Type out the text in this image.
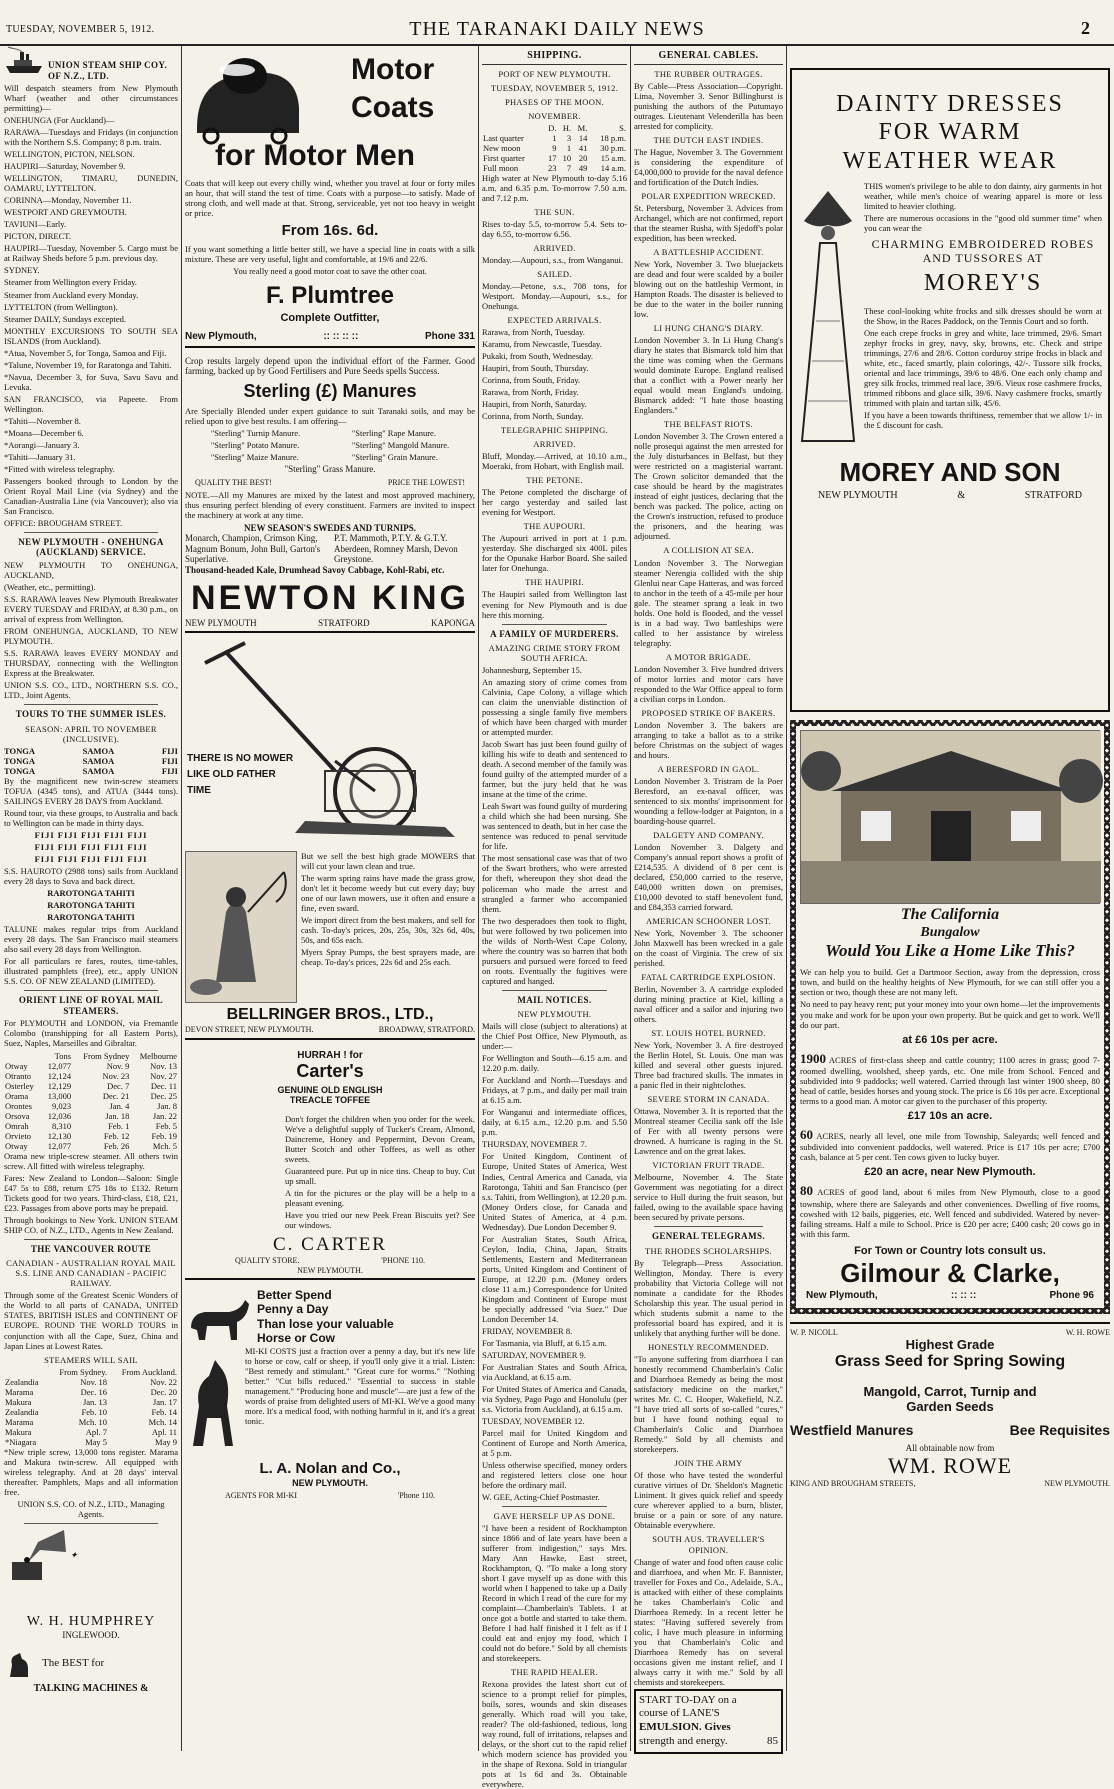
TUESDAY, NOVEMBER 5, 1912.	THE TARANAKI DAILY NEWS	2
UNION STEAM SHIP COY. OF N.Z., LTD.

Will despatch steamers from New Plymouth Wharf (weather and other circumstances permitting)—

ONEHUNGA (For Auckland)—

RARAWA—Tuesdays and Fridays (in conjunction with the Northern S.S. Company; 8 p.m. train.

WELLINGTON, PICTON, NELSON.

HAUPIRI—Saturday, November 9.

WELLINGTON, TIMARU, DUNEDIN, OAMARU, LYTTELTON.

CORINNA—Monday, November 11.

WESTPORT AND GREYMOUTH.

TAVIUNI—Early.

PICTON, DIRECT.

HAUPIRI—Tuesday, November 5. Cargo must be at Railway Sheds before 5 p.m. previous day.

SYDNEY.

Steamer from Wellington every Friday.

Steamer from Auckland every Monday.

LYTTELTON (from Wellington).

Steamer DAILY, Sundays excepted.

MONTHLY EXCURSIONS TO SOUTH SEA ISLANDS (from Auckland).

*Atua, November 5, for Tonga, Samoa and Fiji.

*Talune, November 19, for Raratonga and Tahiti.

*Navua, December 3, for Suva, Savu Savu and Levuka.

SAN FRANCISCO, via Papeete. From Wellington.

*Tahiti—November 8.

*Moana—December 6.

*Aorangi—January 3.

*Tahiti—January 31.

*Fitted with wireless telegraphy.

Passengers booked through to London by the Orient Royal Mail Line (via Sydney) and the Canadian-Australia Line (via Vancouver); also via San Francisco.

OFFICE: BROUGHAM STREET.

NEW PLYMOUTH - ONEHUNGA (AUCKLAND) SERVICE.

NEW PLYMOUTH TO ONEHUNGA, AUCKLAND,

(Weather, etc., permitting).

S.S. RARAWA leaves New Plymouth Breakwater EVERY TUESDAY and FRIDAY, at 8.30 p.m., on arrival of express from Wellington.

FROM ONEHUNGA, AUCKLAND, TO NEW PLYMOUTH.

S.S. RARAWA leaves EVERY MONDAY and THURSDAY, connecting with the Wellington Express at the Breakwater.

UNION S.S. CO., LTD., NORTHERN S.S. CO., LTD., Joint Agents.

TOURS TO THE SUMMER ISLES.
SEASON: APRIL TO NOVEMBER (INCLUSIVE).
TONGA	SAMOA	FIJI
TONGA	SAMOA	FIJI
TONGA	SAMOA	FIJI

By the magnificent new twin-screw steamers TOFUA (4345 tons), and ATUA (3444 tons). SAILINGS EVERY 28 DAYS from Auckland.

Round tour, via these groups, to Australia and back to Wellington can be made in thirty days.

FIJI FIJI FIJI FIJI FIJI

FIJI FIJI FIJI FIJI FIJI

FIJI FIJI FIJI FIJI FIJI

S.S. HAUROTO (2988 tons) sails from Auckland every 28 days to Suva and back direct.

RAROTONGA TAHITI

RAROTONGA TAHITI

RAROTONGA TAHITI

TALUNE makes regular trips from Auckland every 28 days. The San Francisco mail steamers also sail every 28 days from Wellington.

For all particulars re fares, routes, time-tables, illustrated pamphlets (free), etc., apply UNION S.S. CO. OF NEW ZEALAND (LIMITED).

ORIENT LINE OF ROYAL MAIL STEAMERS.

For PLYMOUTH and LONDON, via Fremantle Colombo (transhipping for all Eastern Ports), Suez, Naples, Marseilles and Gibraltar.

	Tons	From Sydney	Melbourne
Otway	12,077	Nov. 9	Nov. 13
Otranto	12,124	Nov. 23	Nov. 27
Osterley	12,129	Dec. 7	Dec. 11
Orama	13,000	Dec. 21	Dec. 25
Orontes	9,023	Jan. 4	Jan. 8
Orsova	12,036	Jan. 18	Jan. 22
Omrah	8,310	Feb. 1	Feb. 5
Orvieto	12,130	Feb. 12	Feb. 19
Otway	12,077	Feb. 26	Mch. 5

Orama new triple-screw steamer. All others twin screw. All fitted with wireless telegraphy.

Fares: New Zealand to London—Saloon: Single £47 5s to £88, return £75 18s to £132. Return Tickets good for two years. Third-class, £18, £21, £23. Passages from above ports may be prepaid.

Through bookings to New York. UNION STEAM SHIP CO. of N.Z., LTD., Agents in New Zealand.

THE VANCOUVER ROUTE
CANADIAN - AUSTRALIAN ROYAL MAIL S.S. LINE AND CANADIAN - PACIFIC RAILWAY.

Through some of the Greatest Scenic Wonders of the World to all parts of CANADA, UNITED STATES, BRITISH ISLES and CONTINENT OF EUROPE. ROUND THE WORLD TOURS in conjunction with all the Cape, Suez, China and Japan Lines at Lowest Rates.

STEAMERS WILL SAIL
	From Sydney.	From Auckland.
Zealandia	Nov. 18	Nov. 22
Marama	Dec. 16	Dec. 20
Makura	Jan. 13	Jan. 17
Zealandia	Feb. 10	Feb. 14
Marama	Mch. 10	Mch. 14
Makura	Apl. 7	Apl. 11
*Niagara	May 5	May 9

*New triple screw, 13,000 tons register. Marama and Makura twin-screw. All equipped with wireless telegraphy. And at 28 days' interval thereafter. Pamphlets, Maps and all information free.

UNION S.S. CO. of N.Z., LTD., Managing Agents.

✦
W. H. HUMPHREY
INGLEWOOD.
The BEST for
TALKING MACHINES &
Motor
Coats
for Motor Men

Coats that will keep out every chilly wind, whether you travel at four or forty miles an hour, that will stand the test of time. Coats with a purpose—to satisfy. Made of strong cloth, and well made at that. Strong, serviceable, yet not too heavy in weight or price.

From 16s. 6d.

If you want something a little better still, we have a special line in coats with a silk mixture. These are very useful, light and comfortable, at 19/6 and 22/6.

You really need a good motor coat to save the other coat.

F. Plumtree
Complete Outfitter,
New Plymouth,	:: :: :: ::	Phone 331

Crop results largely depend upon the individual effort of the Farmer. Good farming, backed up by Good Fertilisers and Pure Seeds spells Success.

Sterling (£) Manures

Are Specially Blended under expert guidance to suit Taranaki soils, and may be relied upon to give best results. I am offering—

"Sterling" Turnip Manure.

"Sterling" Potato Manure.

"Sterling" Maize Manure.

"Sterling" Rape Manure.

"Sterling" Mangold Manure.

"Sterling" Grain Manure.

"Sterling" Grass Manure.
QUALITY THE BEST!	PRICE THE LOWEST!

NOTE.—All my Manures are mixed by the latest and most approved machinery, thus ensuring perfect blending of every constituent. Farmers are invited to inspect the machinery at work at any time.

NEW SEASON'S SWEDES AND TURNIPS.
Monarch, Champion, Crimson King, Magnum Bonum, John Bull, Garton's Superlative.
P.T. Mammoth, P.T.Y. & G.T.Y. Aberdeen, Romney Marsh, Devon Greystone.
Thousand-headed Kale, Drumhead Savoy Cabbage, Kohl-Rabi, etc.
NEWTON KING
NEW PLYMOUTH	STRATFORD	KAPONGA
THERE IS NO MOWER LIKE OLD FATHER TIME

But we sell the best high grade MOWERS that will cut your lawn clean and true.

The warm spring rains have made the grass grow, don't let it become weedy but cut every day; buy one of our lawn mowers, use it often and ensure a fine, even sward.

We import direct from the best makers, and sell for cash. To-day's prices, 20s, 25s, 30s, 32s 6d, 40s, 50s, and 65s each.

Myers Spray Pumps, the best sprayers made, are cheap. To-day's prices, 22s 6d and 25s each.

BELLRINGER BROS., LTD.,
DEVON STREET, NEW PLYMOUTH.	BROADWAY, STRATFORD.
HURRAH ! for
Carter's
GENUINE OLD ENGLISH TREACLE TOFFEE

Don't forget the children when you order for the week. We've a delightful supply of Tucker's Cream, Almond, Daincreme, Honey and Peppermint, Devon Cream, Butter Scotch and other Toffees, as well as other sweets.

Guaranteed pure. Put up in nice tins. Cheap to buy. Cut up small.

A tin for the pictures or the play will be a help to a pleasant evening.

Have you tried our new Peek Frean Biscuits yet? See our windows.

C. CARTER
QUALITY STORE.	'PHONE 110.
NEW PLYMOUTH.
Better Spend
Penny a Day
Than lose your valuable
Horse or Cow

MI-KI COSTS just a fraction over a penny a day, but it's new life to horse or cow, calf or sheep, if you'll only give it a trial. Listen: "Best remedy and stimulant." "Great cure for worms." "Nothing better." "Cut bills reduced." "Essential to success in stable management." "Producing bone and muscle"—are just a few of the words of praise from delighted users of MI-KI. We've a good many more. It's a medical food, with nothing harmful in it, and it's a great tonic.

L. A. Nolan and Co.,
NEW PLYMOUTH.
AGENTS FOR MI-KI	'Phone 110.
SHIPPING.
PORT OF NEW PLYMOUTH.
TUESDAY, NOVEMBER 5, 1912.
PHASES OF THE MOON.
NOVEMBER.
	D.	H.	M.	S.
Last quarter	1	3	14	18 p.m.
New moon	9	1	41	30 p.m.
First quarter	17	10	20	15 a.m.
Full moon	23	7	49	14 a.m.

High water at New Plymouth to-day 5.16 a.m. and 6.35 p.m. To-morrow 7.50 a.m. and 7.12 p.m.

THE SUN.

Rises to-day 5.5, to-morrow 5.4. Sets to-day 6.55, to-morrow 6.56.

ARRIVED.

Monday.—Aupouri, s.s., from Wanganui.

SAILED.

Monday.—Petone, s.s., 708 tons, for Westport. Monday.—Aupouri, s.s., for Onehunga.

EXPECTED ARRIVALS.

Rarawa, from North, Tuesday.

Karamu, from Newcastle, Tuesday.

Pukaki, from South, Wednesday.

Haupiri, from South, Thursday.

Corinna, from South, Friday.

Rarawa, from North, Friday.

Haupiri, from North, Saturday.

Corinna, from North, Sunday.

TELEGRAPHIC SHIPPING.
ARRIVED.

Bluff, Monday.—Arrived, at 10.10 a.m., Moeraki, from Hobart, with English mail.

THE PETONE.

The Petone completed the discharge of her cargo yesterday and sailed last evening for Westport.

THE AUPOURI.

The Aupouri arrived in port at 1 p.m. yesterday. She discharged six 400L piles for the Opunake Harbor Board. She sailed later for Onehunga.

THE HAUPIRI.

The Haupiri sailed from Wellington last evening for New Plymouth and is due here this morning.

A FAMILY OF MURDERERS.
AMAZING CRIME STORY FROM SOUTH AFRICA.

Johannesburg, September 15.

An amazing story of crime comes from Calvinia, Cape Colony, a village which can claim the unenviable distinction of possessing a single family five members of which have been charged with murder or attempted murder.

Jacob Swart has just been found guilty of killing his wife to death and sentenced to death. A second member of the family was found guilty of the attempted murder of a farmer, but the jury held that he was insane at the time of the crime.

Leah Swart was found guilty of murdering a child which she had been nursing. She was sentenced to death, but in her case the sentence was reduced to penal servitude for life.

The most sensational case was that of two of the Swart brothers, who were arrested for theft, whereupon they shot dead the policeman who made the arrest and strangled a farmer who accompanied them.

The two desperadoes then took to flight, but were followed by two policemen into the wilds of North-West Cape Colony, where the country was so barren that both pursuers and pursued were forced to feed on roots. Eventually the fugitives were captured and hanged.

MAIL NOTICES.
NEW PLYMOUTH.

Mails will close (subject to alterations) at the Chief Post Office, New Plymouth, as under:—

For Wellington and South—6.15 a.m. and 12.20 p.m. daily.

For Auckland and North—Tuesdays and Fridays, at 7 p.m., and daily per mail train at 6.15 a.m.

For Wanganui and intermediate offices, daily, at 6.15 a.m., 12.20 p.m. and 5.50 p.m.

THURSDAY, NOVEMBER 7.

For United Kingdom, Continent of Europe, United States of America, West Indies, Central America and Canada, via Rarotonga, Tahiti and San Francisco (per s.s. Tahiti, from Wellington), at 12.20 p.m. (Money Orders close, for Canada and United States of America, at 4 p.m. Wednesday). Due London December 9.

For Australian States, South Africa, Ceylon, India, China, Japan, Straits Settlements, Eastern and Mediterranean ports, United Kingdom and Continent of Europe, at 12.20 p.m. (Money orders close 11 a.m.) Correspondence for United Kingdom and Continent of Europe must be specially addressed "via Suez." Due London December 14.

FRIDAY, NOVEMBER 8.

For Tasmania, via Bluff, at 6.15 a.m.

SATURDAY, NOVEMBER 9.

For Australian States and South Africa, via Auckland, at 6.15 a.m.

For United States of America and Canada, via Sydney, Pago Pago and Honolulu (per s.s. Victoria from Auckland), at 6.15 a.m.

TUESDAY, NOVEMBER 12.

Parcel mail for United Kingdom and Continent of Europe and North America, at 5 p.m.

Unless otherwise specified, money orders and registered letters close one hour before the ordinary mail.

W. GEE, Acting-Chief Postmaster.

GAVE HERSELF UP AS DONE.

"I have been a resident of Rockhampton since 1866 and of late years have been a sufferer from indigestion," says Mrs. Mary Ann Hawke, East street, Rockhampton, Q. "To make a long story short I gave myself up as done with this world when I happened to take up a Daily Record in which I read of the cure for my complaint—Chamberlain's Tablets. I at once got a bottle and started to take them. Before I had half finished it I felt as if I could eat and enjoy my food, which I could not do before." Sold by all chemists and storekeepers.

THE RAPID HEALER.

Rexona provides the latest short cut of science to a prompt relief for pimples, boils, sores, wounds and skin diseases generally. Which road will you take, reader? The old-fashioned, tedious, long way round, full of irritations, relapses and delays, or the short cut to the rapid relief which modern science has provided you in the shape of Rexona. Sold in triangular pots at 1s 6d and 3s. Obtainable everywhere.

GENERAL CABLES.
THE RUBBER OUTRAGES.

By Cable—Press Association—Copyright. Lima, November 3. Senor Billinghurst is punishing the authors of the Putumayo outrages. Lieutenant Velenderilla has been arrested for complicity.

THE DUTCH EAST INDIES.

The Hague, November 3. The Government is considering the expenditure of £4,000,000 to provide for the naval defence and fortification of the Dutch Indies.

POLAR EXPEDITION WRECKED.

St. Petersburg, November 3. Advices from Archangel, which are not confirmed, report that the steamer Rusha, with Sjedoff's polar expedition, has been wrecked.

A BATTLESHIP ACCIDENT.

New York, November 3. Two bluejackets are dead and four were scalded by a boiler blowing out on the battleship Vermont, in Hampton Roads. The disaster is believed to be due to the water in the boiler running low.

LI HUNG CHANG'S DIARY.

London November 3. In Li Hung Chang's diary he states that Bismarck told him that the time was coming when the Germans would dominate Europe. England realised that a conflict with a Power nearly her equal would mean England's undoing. Bismarck added: "I hate those boasting Englanders."

THE BELFAST RIOTS.

London November 3. The Crown entered a nolle prosequi against the men arrested for the July disturbances in Belfast, but they were restricted on a magisterial warrant. The Crown solicitor demanded that the case should be heard by the magistrates instead of eight justices, declaring that the bench was packed. The police, acting on the Crown's instruction, refused to produce the prisoners, and the hearing was adjourned.

A COLLISION AT SEA.

London November 3. The Norwegian steamer Nerengia collided with the ship Glenlui near Cape Hatteras, and was forced to anchor in the teeth of a 45-mile per hour gale. The steamer sprang a leak in two holds. One hold is flooded, and the vessel is in a bad way. Two battleships were called to her assistance by wireless telegraphy.

A MOTOR BRIGADE.

London November 3. Five hundred drivers of motor lorries and motor cars have responded to the War Office appeal to form a civilian corps in London.

PROPOSED STRIKE OF BAKERS.

London November 3. The bakers are arranging to take a ballot as to a strike before Christmas on the subject of wages and hours.

A BERESFORD IN GAOL.

London November 3. Tristram de la Poer Beresford, an ex-naval officer, was sentenced to six months' imprisonment for wounding a fellow-lodger at Paignton, in a boarding-house quarrel.

DALGETY AND COMPANY.

London November 3. Dalgety and Company's annual report shows a profit of £214,535. A dividend of 8 per cent is declared, £50,000 carried to the reserve, £40,000 written down on premises, £10,000 devoted to staff benevolent fund, and £84,353 carried forward.

AMERICAN SCHOONER LOST.

New York, November 3. The schooner John Maxwell has been wrecked in a gale on the coast of Virginia. The crew of six perished.

FATAL CARTRIDGE EXPLOSION.

Berlin, November 3. A cartridge exploded during mining practice at Kiel, killing a naval officer and a sailor and injuring two others.

ST. LOUIS HOTEL BURNED.

New York, November 3. A fire destroyed the Berlin Hotel, St. Louis. One man was killed and several other guests injured. Three bad fractured skulls. The inmates in a panic fled in their nightclothes.

SEVERE STORM IN CANADA.

Ottawa, November 3. It is reported that the Montreal steamer Cecilia sank off the Isle of Fer with all twenty persons were drowned. A hurricane is raging in the St. Lawrence and on the great lakes.

VICTORIAN FRUIT TRADE.

Melbourne, November 4. The State Government was negotiating for a direct service to Hull during the fruit season, but failed, owing to the available space having been secured by private persons.

GENERAL TELEGRAMS.
THE RHODES SCHOLARSHIPS.

By Telegraph—Press Association. Wellington, Monday. There is every probability that Victoria College will not nominate a candidate for the Rhodes Scholarship this year. The usual period in which students submit a name to the professorial board has expired, and it is unlikely that anything further will be done.

HONESTLY RECOMMENDED.

"To anyone suffering from diarrhoea I can honestly recommend Chamberlain's Colic and Diarrhoea Remedy as being the most satisfactory medicine on the market," writes Mr. C. C. Hooper, Wakefield, N.Z. "I have tried all sorts of so-called "cures," but I have found nothing equal to Chamberlain's Colic and Diarrhoea Remedy." Sold by all chemists and storekeepers.

JOIN THE ARMY

Of those who have tested the wonderful curative virtues of Dr. Sheldon's Magnetic Liniment. It gives quick relief and speedy cure wherever applied to a burn, blister, bruise or a pain or sore of any nature. Obtainable everywhere.

SOUTH AUS. TRAVELLER'S OPINION.

Change of water and food often cause colic and diarrhoea, and when Mr. F. Bannister, traveller for Foxes and Co., Adelaide, S.A., is attacked with either of these complaints he takes Chamberlain's Colic and Diarrhoea Remedy. In a recent letter he states: "Having suffered severely from colic, I have much pleasure in informing you that Chamberlain's Colic and Diarrhoea Remedy has on several occasions given me instant relief, and I always carry it with me." Sold by all chemists and storekeepers.

START TO-DAY on a
course of LANE'S
EMULSION. Gives
strength and energy.	85
DAINTY DRESSES
FOR WARM
WEATHER WEAR

THIS women's privilege to be able to don dainty, airy garments in hot weather, while men's choice of wearing apparel is more or less limited to heavier clothing.

There are numerous occasions in the "good old summer time" when you can wear the

CHARMING EMBROIDERED ROBES AND TUSSORES AT
MOREY'S

These cool-looking white frocks and silk dresses should be worn at the Show, in the Races Paddock, on the Tennis Court and so forth.

One each crepe frocks in grey and white, lace trimmed, 29/6. Smart zephyr frocks in grey, navy, sky, browns, etc. Check and stripe trimmings, 27/6 and 28/6. Cotton corduroy stripe frocks in black and white, etc., faced smartly, plain colorings, 42/-. Tussore silk frocks, oriental and lace trimmings, 39/6 to 48/6. One each only champ and grey silk frocks, trimmed real lace, 39/6. Vieux rose cashmere frocks, trimmed ribbons and glace silk, 39/6. Navy cashmere frocks, smartly trimmed with plain and tartan silk, 45/6.

If you have a been towards thriftiness, remember that we allow 1/- in the £ discount for cash.

MOREY AND SON
NEW PLYMOUTH	&	STRATFORD
The California
Bungalow
Would You Like a Home Like This?

We can help you to build. Get a Dartmoor Section, away from the depression, cross town, and build on the healthy heights of New Plymouth, for we can still offer you a section or two, though these are not many left.

No need to pay heavy rent; put your money into your own home—let the improvements you make and work for be upon your own property. But be quick and get to work. We'll do our part.

at £6 10s per acre.

1900 ACRES of first-class sheep and cattle country; 1100 acres in grass; good 7-roomed dwelling, woolshed, sheep yards, etc. One mile from School. Fenced and subdivided into 9 paddocks; well watered. Carried through last winter 1900 sheep, 80 head of cattle, besides horses and young stock. The price is £6 10s per acre. Exceptional terms to a good man. A motor car given to the purchaser of this property.

£17 10s an acre.

60 ACRES, nearly all level, one mile from Township, Saleyards; well fenced and subdivided into convenient paddocks, well watered. Price is £17 10s per acre; £700 cash, balance at 5 per cent. Ten cows given to lucky buyer.

£20 an acre, near New Plymouth.

80 ACRES of good land, about 6 miles from New Plymouth, close to a good township, where there are Saleyards and other conveniences. Dwelling of five rooms, cowshed with 12 bails, piggeries, etc. Well fenced and subdivided. Watered by never-failing streams. Half a mile to School. Price is £20 per acre; £400 cash; 20 cows go in with this farm.

For Town or Country lots consult us.
Gilmour & Clarke,
New Plymouth,	:: :: ::	Phone 96
W. P. NICOLL	W. H. ROWE
Highest Grade
Grass Seed for Spring Sowing
Mangold, Carrot, Turnip and
Garden Seeds
Westfield Manures	Bee Requisites
All obtainable now from
WM. ROWE
KING AND BROUGHAM STREETS,	NEW PLYMOUTH.
